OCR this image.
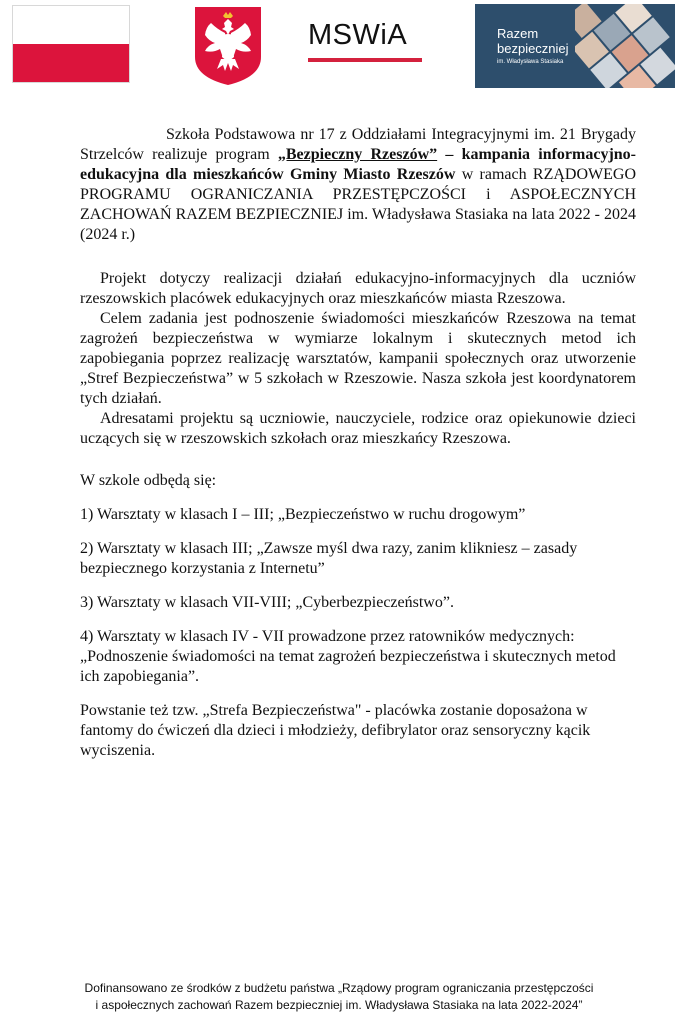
MSWiA	Razem
bezpieczniej
im. Władysława Stasiaka

Szkoła Podstawowa nr 17 z Oddziałami Integracyjnymi im. 21 Brygady Strzelców realizuje program „Bezpieczny Rzeszów” – kampania informacyjno-edukacyjna dla mieszkańców Gminy Miasto Rzeszów w ramach RZĄDOWEGO PROGRAMU OGRANICZANIA PRZESTĘPCZOŚCI i ASPOŁECZNYCH ZACHOWAŃ RAZEM BEZPIECZNIEJ im. Władysława Stasiaka na lata 2022 - 2024 (2024 r.)

Projekt dotyczy realizacji działań edukacyjno-informacyjnych dla uczniów rzeszowskich placówek edukacyjnych oraz mieszkańców miasta Rzeszowa.

Celem zadania jest podnoszenie świadomości mieszkańców Rzeszowa na temat zagrożeń bezpieczeństwa w wymiarze lokalnym i skutecznych metod ich zapobiegania poprzez realizację warsztatów, kampanii społecznych oraz utworzenie „Stref Bezpieczeństwa” w 5 szkołach w Rzeszowie. Nasza szkoła jest koordynatorem tych działań.

Adresatami projektu są uczniowie, nauczyciele, rodzice oraz opiekunowie dzieci uczących się w rzeszowskich szkołach oraz mieszkańcy Rzeszowa.

W szkole odbędą się:

1) Warsztaty w klasach I – III; „Bezpieczeństwo w ruchu drogowym”

2) Warsztaty w klasach III; „Zawsze myśl dwa razy, zanim klikniesz – zasady bezpiecznego korzystania z Internetu”

3) Warsztaty w klasach VII-VIII; „Cyberbezpieczeństwo”.

4) Warsztaty w klasach IV - VII prowadzone przez ratowników medycznych: „Podnoszenie świadomości na temat zagrożeń bezpieczeństwa i skutecznych metod ich zapobiegania”.

Powstanie też tzw. „Strefa Bezpieczeństwa" - placówka zostanie doposażona w fantomy do ćwiczeń dla dzieci i młodzieży, defibrylator oraz sensoryczny kącik wyciszenia.

Dofinansowano ze środków z budżetu państwa „Rządowy program ograniczania przestępczości
i aspołecznych zachowań Razem bezpieczniej im. Władysława Stasiaka na lata 2022-2024”
